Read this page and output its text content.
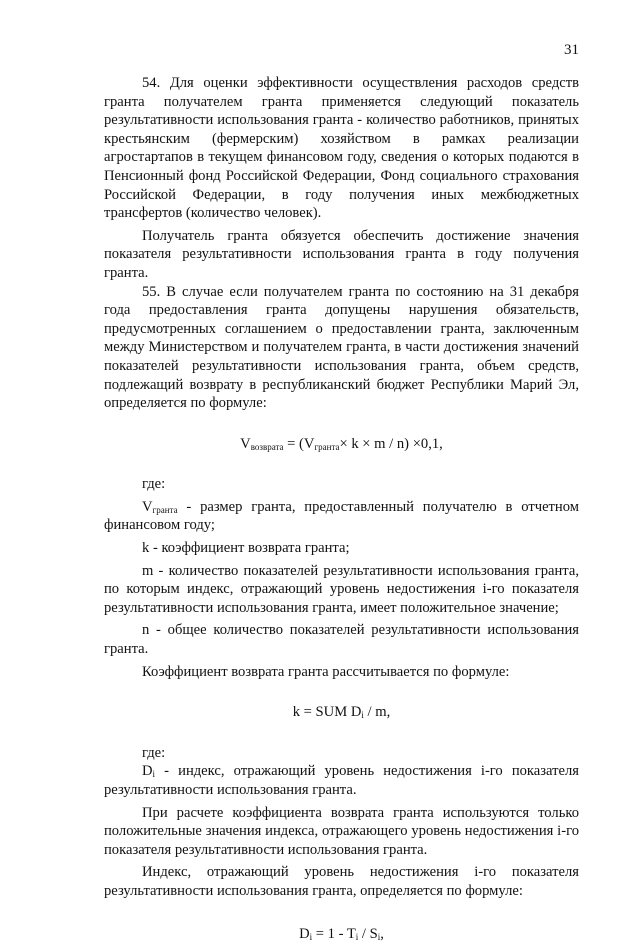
31

54. Для оценки эффективности осуществления расходов средств гранта получателем гранта применяется следующий показатель результативности использования гранта - количество работников, принятых крестьянским (фермерским) хозяйством в рамках реализации агростартапов в текущем финансовом году, сведения о которых подаются в Пенсионный фонд Российской Федерации, Фонд социального страхования Российской Федерации, в году получения иных межбюджетных трансфертов (количество человек).

Получатель гранта обязуется обеспечить достижение значения показателя результативности использования гранта в году получения гранта.

55. В случае если получателем гранта по состоянию на 31 декабря года предоставления гранта допущены нарушения обязательств, предусмотренных соглашением о предоставлении гранта, заключенным между Министерством и получателем гранта, в части достижения значений показателей результативности использования гранта, объем средств, подлежащий возврату в республиканский бюджет Республики Марий Эл, определяется по формуле:

$V_{возврата} = (V_{гранта}\times k \times m / n) \times 0,1$,

где:

$V_{гранта}$ - размер гранта, предоставленный получателю в отчетном финансовом году;

k - коэффициент возврата гранта;

m - количество показателей результативности использования гранта, по которым индекс, отражающий уровень недостижения i-го показателя результативности использования гранта, имеет положительное значение;

n - общее количество показателей результативности использования гранта.

Коэффициент возврата гранта рассчитывается по формуле:

k = SUM $D_i$ / m,

где:

$D_i$ - индекс, отражающий уровень недостижения i-го показателя результативности использования гранта.

При расчете коэффициента возврата гранта используются только положительные значения индекса, отражающего уровень недостижения i-го показателя результативности использования гранта.

Индекс, отражающий уровень недостижения i-го показателя результативности использования гранта, определяется по формуле:

$D_i = 1 - T_i / S_i$,
